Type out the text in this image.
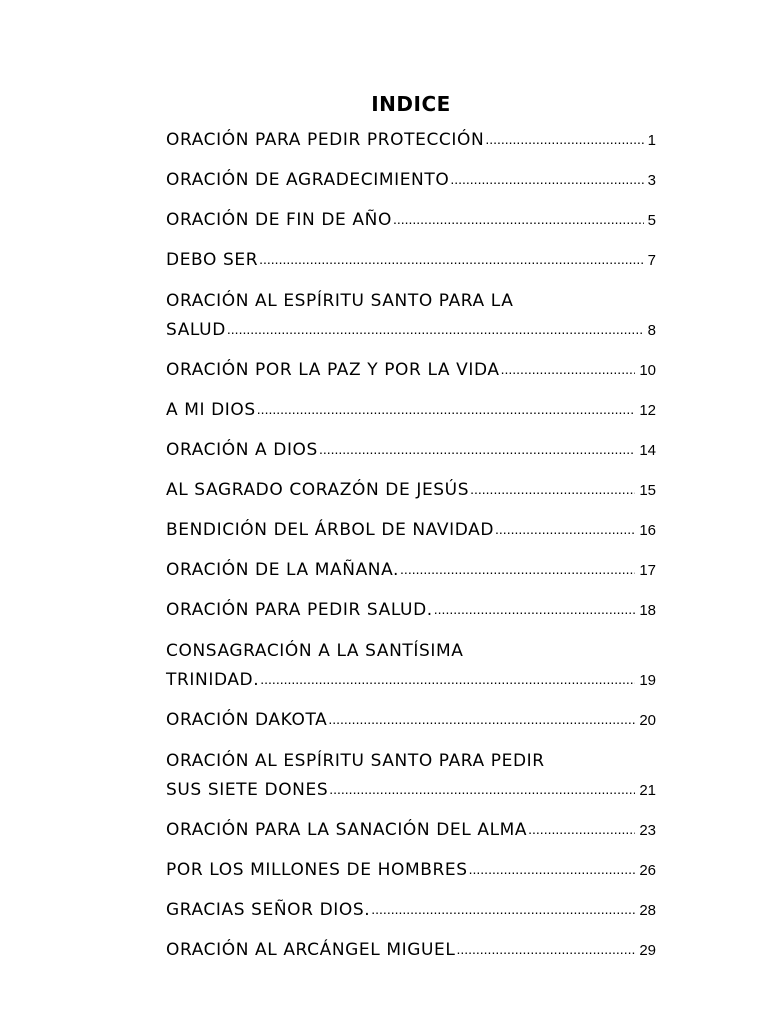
INDICE
ORACIÓN PARA PEDIR PROTECCIÓN .....	1
ORACIÓN DE AGRADECIMIENTO .....	3
ORACIÓN DE FIN DE AÑO .....	5
DEBO SER .....	7
ORACIÓN AL ESPÍRITU SANTO PARA LA
SALUD .....	8
ORACIÓN POR LA PAZ Y POR LA VIDA .....	10
A MI DIOS .....	12
ORACIÓN A DIOS .....	14
AL SAGRADO CORAZÓN DE JESÚS .....	15
BENDICIÓN DEL ÁRBOL DE NAVIDAD .....	16
ORACIÓN DE LA MAÑANA. .....	17
ORACIÓN PARA PEDIR SALUD. .....	18
CONSAGRACIÓN A LA SANTÍSIMA
TRINIDAD. .....	19
ORACIÓN DAKOTA .....	20
ORACIÓN AL ESPÍRITU SANTO PARA PEDIR
SUS SIETE DONES .....	21
ORACIÓN PARA LA SANACIÓN DEL ALMA .....	23
POR LOS MILLONES DE HOMBRES .....	26
GRACIAS SEÑOR DIOS. .....	28
ORACIÓN AL ARCÁNGEL MIGUEL .....	29
